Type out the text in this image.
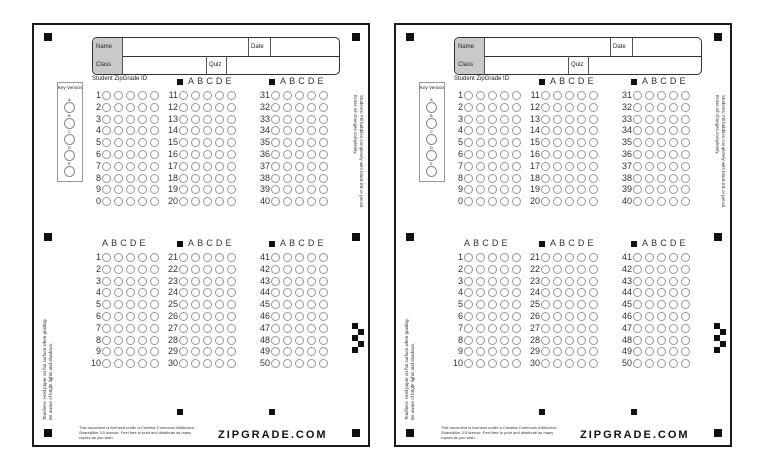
Name	Date
Class	Quiz
Student ZipGrade ID
Key Version
A
B
C
D
E	Students: Fill bubbles completely with black ink or pencil.
Erase all changes completely.
Teachers: Hold paper on flat surface when grading. Be aware of bright lights and shadows.
1
2
3
4
5
6
7
8
9
0
ABCDE
11
12
13
14
15
16
17
18
19
20
ABCDE
31
32
33
34
35
36
37
38
39
40
ABCDE
1
2
3
4
5
6
7
8
9
10
ABCDE
21
22
23
24
25
26
27
28
29
30
ABCDE
41
42
43
44
45
46
47
48
49
50
This document is licensed under a Creative Commons Attribution-ShareAlike 3.0 license. Feel free to print and distribute as many copies as you wish.	ZIPGRADE.COM
Name	Date
Class	Quiz
Student ZipGrade ID
Key Version
A
B
C
D
E	Students: Fill bubbles completely with black ink or pencil.
Erase all changes completely.
Teachers: Hold paper on flat surface when grading. Be aware of bright lights and shadows.
1
2
3
4
5
6
7
8
9
0
ABCDE
11
12
13
14
15
16
17
18
19
20
ABCDE
31
32
33
34
35
36
37
38
39
40
ABCDE
1
2
3
4
5
6
7
8
9
10
ABCDE
21
22
23
24
25
26
27
28
29
30
ABCDE
41
42
43
44
45
46
47
48
49
50
This document is licensed under a Creative Commons Attribution-ShareAlike 3.0 license. Feel free to print and distribute as many copies as you wish.	ZIPGRADE.COM
